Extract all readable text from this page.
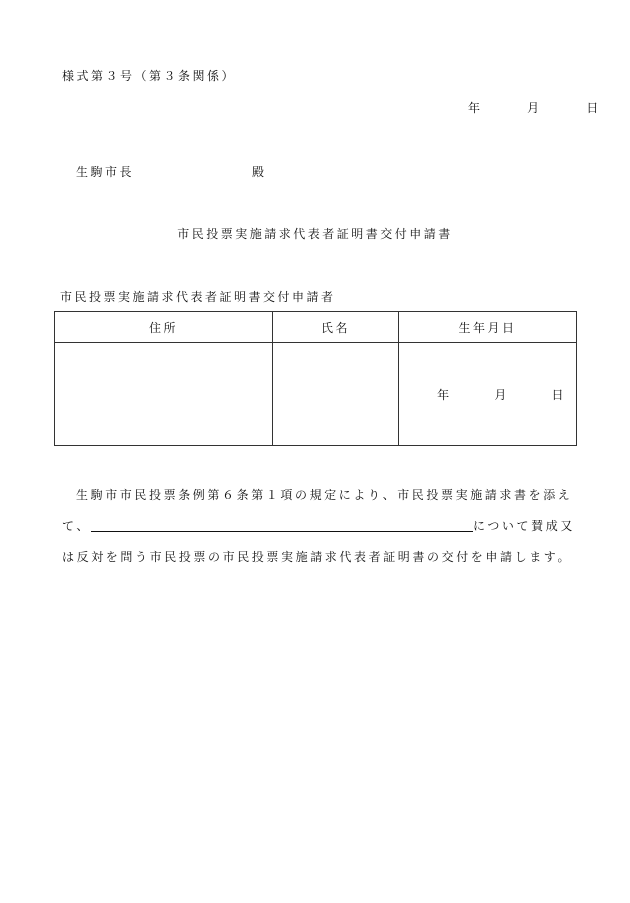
様式第３号（第３条関係）
年	月	日
生駒市長	殿
市民投票実施請求代表者証明書交付申請書
市民投票実施請求代表者証明書交付申請者
住所	氏名	生年月日
		年 月 日
生駒市市民投票条例第６条第１項の規定により、市民投票実施請求書を添え
て、	について賛成又
は反対を問う市民投票の市民投票実施請求代表者証明書の交付を申請します。
